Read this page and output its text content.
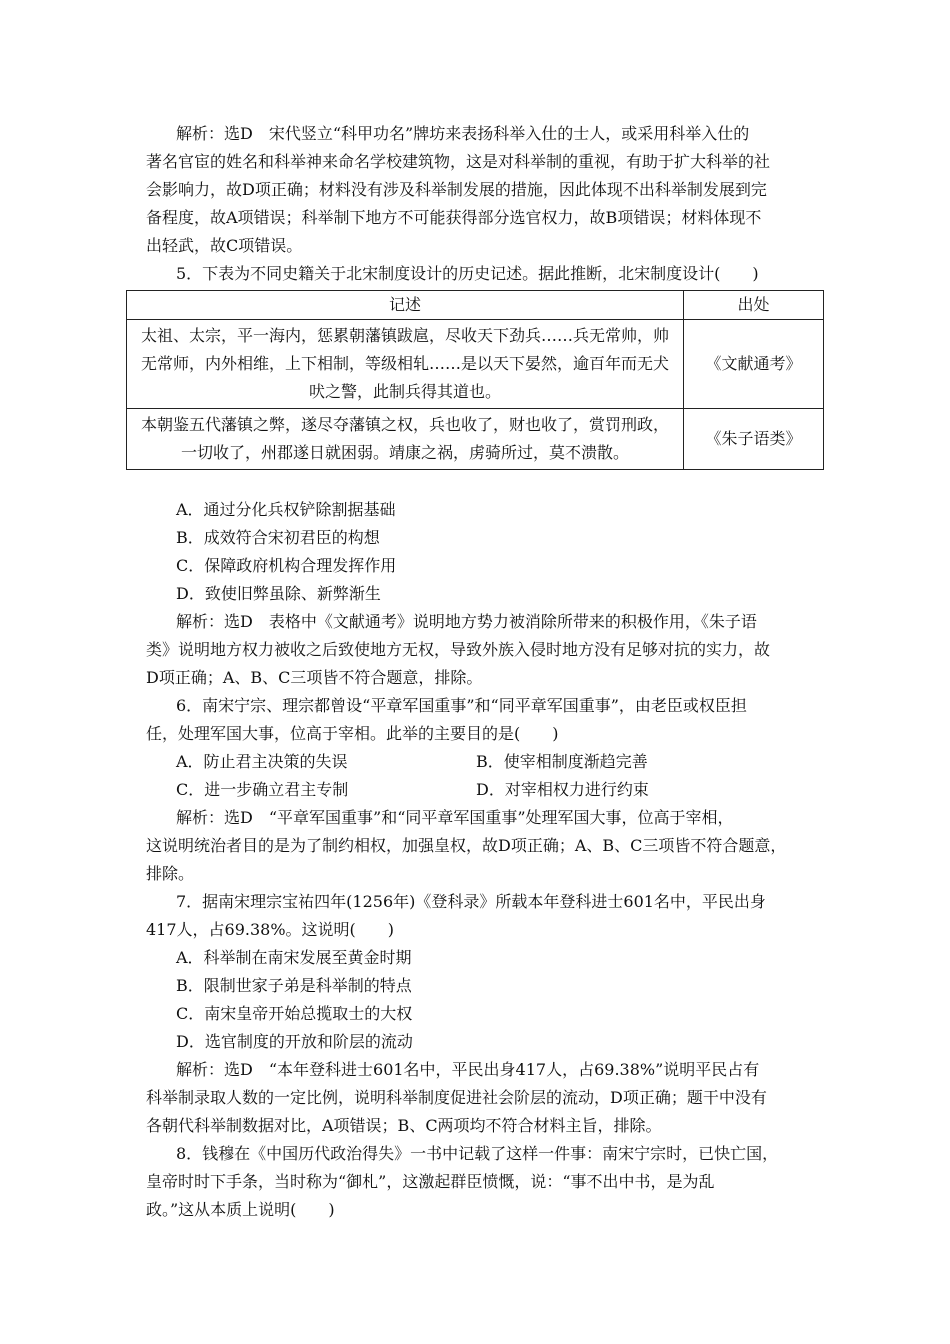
解析：选D　宋代竖立“科甲功名”牌坊来表扬科举入仕的士人，或采用科举入仕的

著名官宦的姓名和科举神来命名学校建筑物，这是对科举制的重视，有助于扩大科举的社

会影响力，故D项正确；材料没有涉及科举制发展的措施，因此体现不出科举制发展到完

备程度，故A项错误；科举制下地方不可能获得部分选官权力，故B项错误；材料体现不

出轻武，故C项错误。

5．下表为不同史籍关于北宋制度设计的历史记述。据此推断，北宋制度设计(　　)

记述	出处
太祖、太宗，平一海内，惩累朝藩镇跋扈，尽收天下劲兵……兵无常帅，帅无常师，内外相维，上下相制，等级相轧……是以天下晏然，逾百年而无犬吠之警，此制兵得其道也。	《文献通考》
本朝鉴五代藩镇之弊，遂尽夺藩镇之权，兵也收了，财也收了，赏罚刑政，一切收了，州郡遂日就困弱。靖康之祸，虏骑所过，莫不溃散。	《朱子语类》

A．通过分化兵权铲除割据基础

B．成效符合宋初君臣的构想

C．保障政府机构合理发挥作用

D．致使旧弊虽除、新弊渐生

解析：选D　表格中《文献通考》说明地方势力被消除所带来的积极作用，《朱子语

类》说明地方权力被收之后致使地方无权，导致外族入侵时地方没有足够对抗的实力，故

D项正确；A、B、C三项皆不符合题意，排除。

6．南宋宁宗、理宗都曾设“平章军国重事”和“同平章军国重事”，由老臣或权臣担

任，处理军国大事，位高于宰相。此举的主要目的是(　　)

A．防止君主决策的失误	B．使宰相制度渐趋完善
C．进一步确立君主专制	D．对宰相权力进行约束

解析：选D　“平章军国重事”和“同平章军国重事”处理军国大事，位高于宰相，

这说明统治者目的是为了制约相权，加强皇权，故D项正确；A、B、C三项皆不符合题意，

排除。

7．据南宋理宗宝祐四年(1256年)《登科录》所载本年登科进士601名中，平民出身

417人，占69.38%。这说明(　　)

A．科举制在南宋发展至黄金时期

B．限制世家子弟是科举制的特点

C．南宋皇帝开始总揽取士的大权

D．选官制度的开放和阶层的流动

解析：选D　“本年登科进士601名中，平民出身417人，占69.38%”说明平民占有

科举制录取人数的一定比例，说明科举制度促进社会阶层的流动，D项正确；题干中没有

各朝代科举制数据对比，A项错误；B、C两项均不符合材料主旨，排除。

8．钱穆在《中国历代政治得失》一书中记载了这样一件事：南宋宁宗时，已快亡国，

皇帝时时下手条，当时称为“御札”，这激起群臣愤慨，说：“事不出中书，是为乱

政。”这从本质上说明(　　)
